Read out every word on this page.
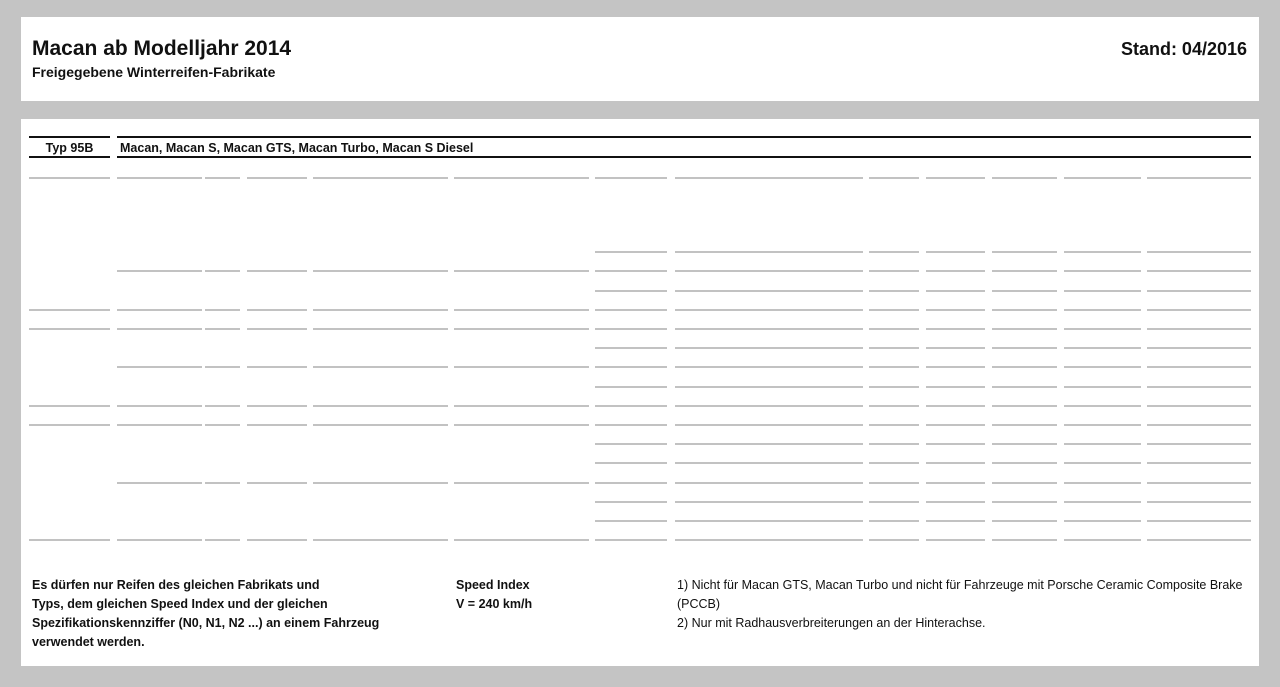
Macan ab Modelljahr 2014
Freigegebene Winterreifen-Fabrikate
Stand: 04/2016
Typ 95B	Macan, Macan S, Macan GTS, Macan Turbo, Macan S Diesel
Es dürfen nur Reifen des gleichen Fabrikats und
Typs, dem gleichen Speed Index und der gleichen
Spezifikationskennziffer (N0, N1, N2 ...) an einem Fahrzeug
verwendet werden.
Speed Index
V = 240 km/h
1) Nicht für Macan GTS, Macan Turbo und nicht für Fahrzeuge mit Porsche Ceramic Composite Brake
(PCCB)
2) Nur mit Radhausverbreiterungen an der Hinterachse.
